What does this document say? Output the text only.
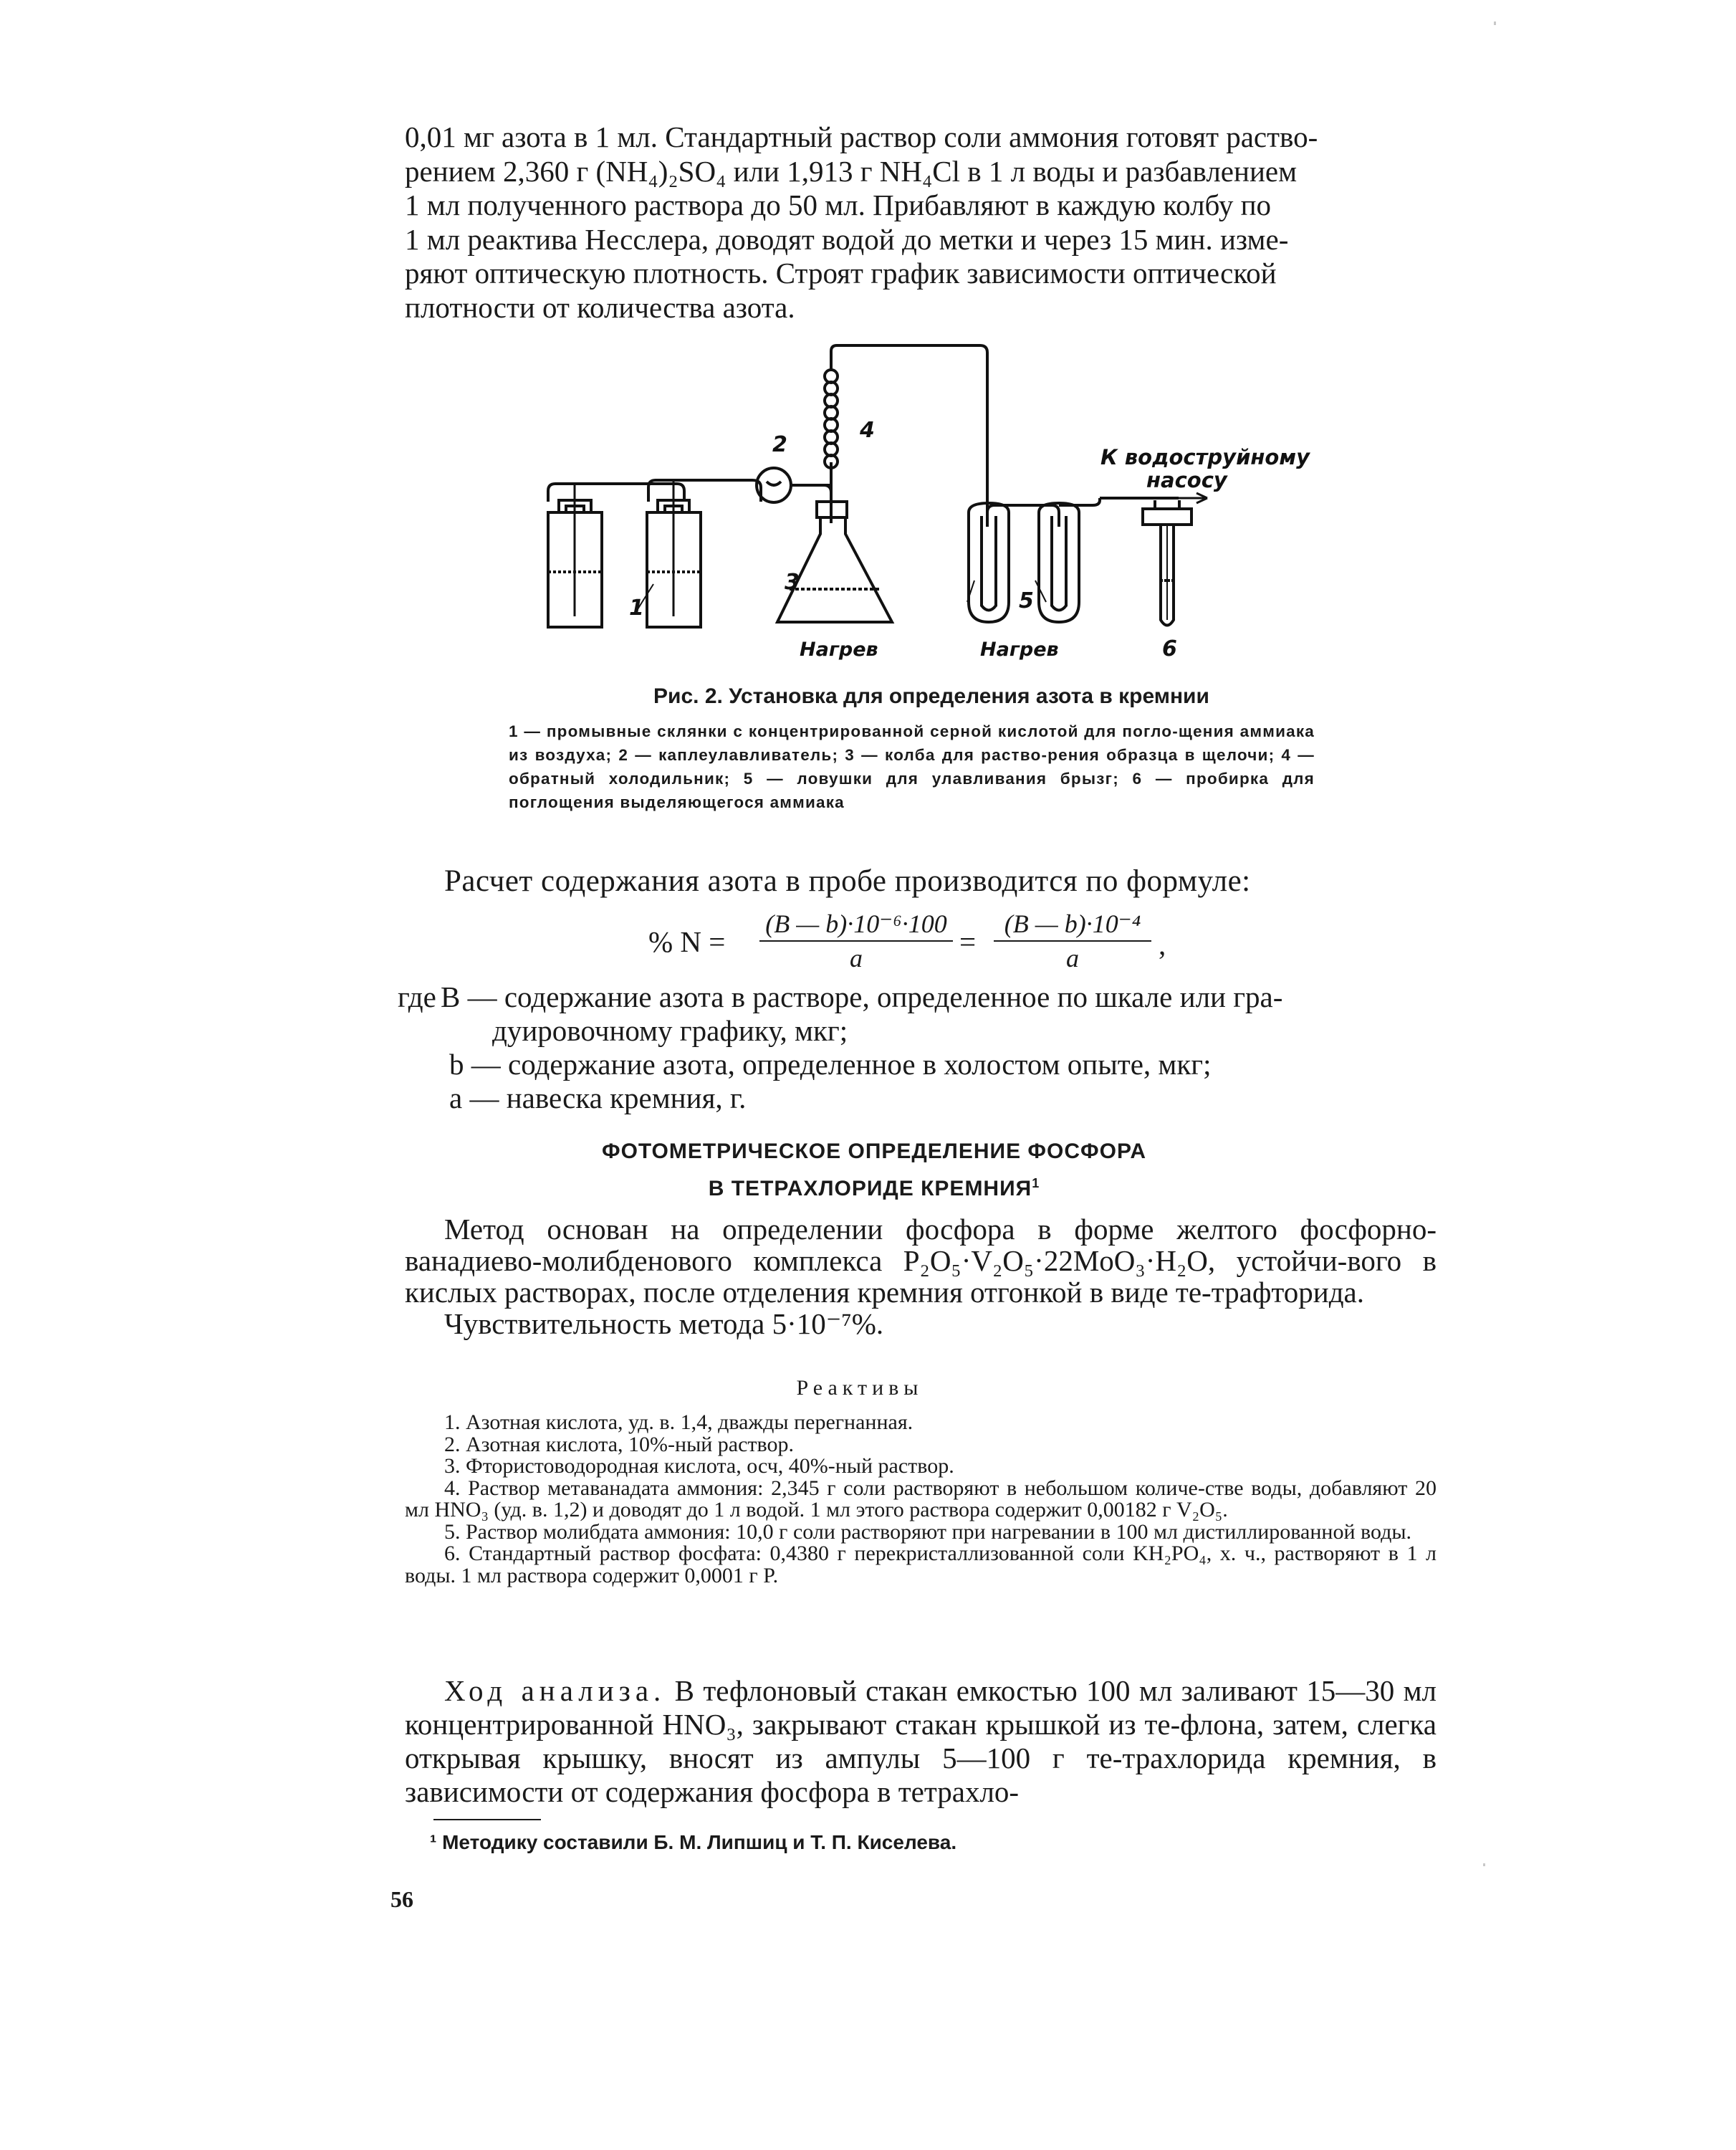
0,01 мг азота в 1 мл. Стандартный раствор соли аммония готовят раство-

рением 2,360 г (NH₄)₂SO₄ или 1,913 г NH₄Cl в 1 л воды и разбавлением

1 мл полученного раствора до 50 мл. Прибавляют в каждую колбу по

1 мл реактива Несслера, доводят водой до метки и через 15 мин. изме-

ряют оптическую плотность. Строят график зависимости оптической

плотности от количества азота.

2
4
3
1	5
6
Нагрев	Нагрев
К водоструйному
насосу

Рис. 2. Установка для определения азота в кремнии

1 — промывные склянки с концентрированной серной кислотой для погло-щения аммиака из воздуха; 2 — каплеулавливатель; 3 — колба для раство-рения образца в щелочи; 4 — обратный холодильник; 5 — ловушки для улавливания брызг; 6 — пробирка для поглощения выделяющегося аммиака

Расчет содержания азота в пробе производится по формуле:

% $N = \frac{\text{(B — b)·10⁻⁶·100}}{a} = \frac{\text{(B — b)·10⁻⁴}}{a}$ ,
где B — содержание азота в растворе, определенное по шкале или гра-
дуировочному графику, мкг;
b — содержание азота, определенное в холостом опыте, мкг;
a — навеска кремния, г.
ФОТОМЕТРИЧЕСКОЕ ОПРЕДЕЛЕНИЕ ФОСФОРА
В ТЕТРАХЛОРИДЕ КРЕМНИЯ$^1$

Метод основан на определении фосфора в форме желтого фосфорно-ванадиево-молибденового комплекса P₂O₅·V₂O₅·22MoO₃·H₂O, устойчи-вого в кислых растворах, после отделения кремния отгонкой в виде те-трафторида.

Чувствительность метода 5·10⁻⁷%.

Реактивы

1. Азотная кислота, уд. в. 1,4, дважды перегнанная.

2. Азотная кислота, 10%-ный раствор.

3. Фтористоводородная кислота, осч, 40%-ный раствор.

4. Раствор метаванадата аммония: 2,345 г соли растворяют в небольшом количе-стве воды, добавляют 20 мл HNO₃ (уд. в. 1,2) и доводят до 1 л водой. 1 мл этого раствора содержит 0,00182 г V₂O₅.

5. Раствор молибдата аммония: 10,0 г соли растворяют при нагревании в 100 мл дистиллированной воды.

6. Стандартный раствор фосфата: 0,4380 г перекристаллизованной соли KH₂PO₄, х. ч., растворяют в 1 л воды. 1 мл раствора содержит 0,0001 г P.

Ход анализа. В тефлоновый стакан емкостью 100 мл заливают 15—30 мл концентрированной HNO₃, закрывают стакан крышкой из те-флона, затем, слегка открывая крышку, вносят из ампулы 5—100 г те-трахлорида кремния, в зависимости от содержания фосфора в тетрахло-

¹ Методику составили Б. М. Липшиц и Т. П. Киселева.

56
